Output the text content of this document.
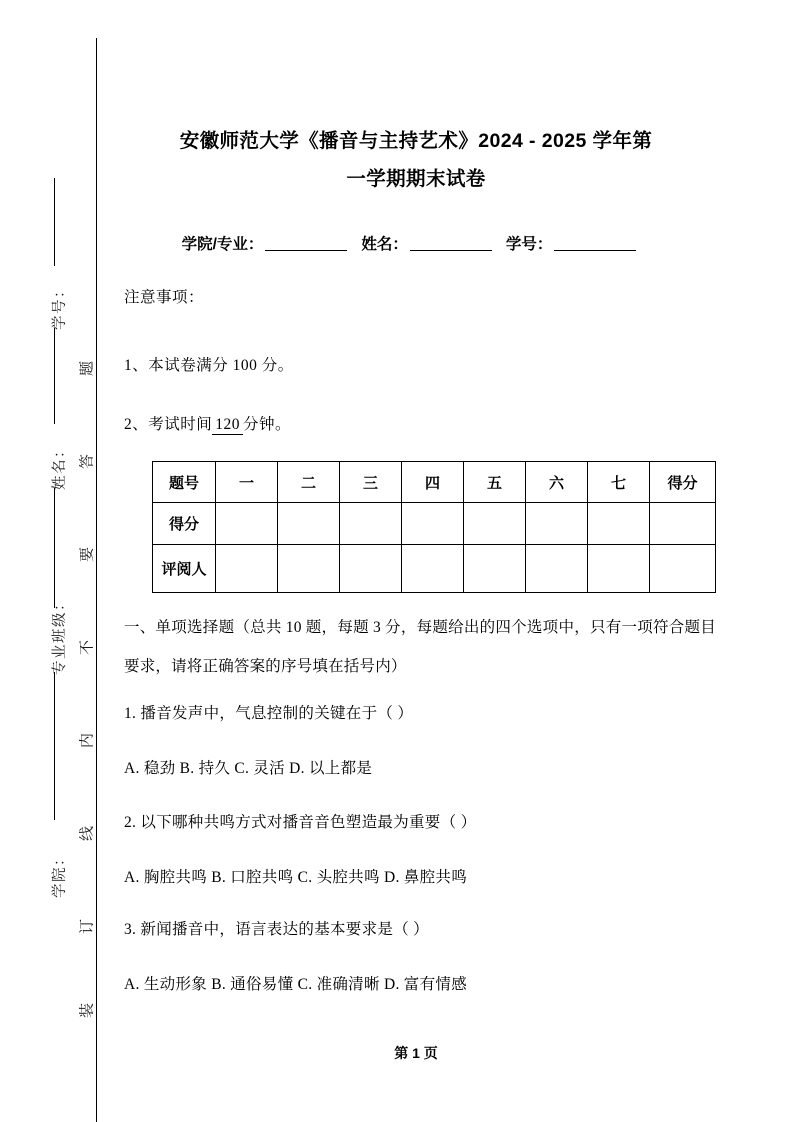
学号：
姓名：
专业班级：
学院：
题
答
要
不
内
线
订
装
安徽师范大学《播音与主持艺术》2024 - 2025 学年第
一学期期末试卷
学院/专业：	姓名：	学号：
注意事项：
1、本试卷满分 100 分。
2、考试时间 120 分钟。
题号	一	二	三	四	五	六	七	得分
得分								
评阅人								
一、单项选择题（总共 10 题，每题 3 分，每题给出的四个选项中，只有一项符合题目要求，请将正确答案的序号填在括号内）
1. 播音发声中，气息控制的关键在于（ ）
A. 稳劲 B. 持久 C. 灵活 D. 以上都是
2. 以下哪种共鸣方式对播音音色塑造最为重要（ ）
A. 胸腔共鸣 B. 口腔共鸣 C. 头腔共鸣 D. 鼻腔共鸣
3. 新闻播音中，语言表达的基本要求是（ ）
A. 生动形象 B. 通俗易懂 C. 准确清晰 D. 富有情感
第 1 页
